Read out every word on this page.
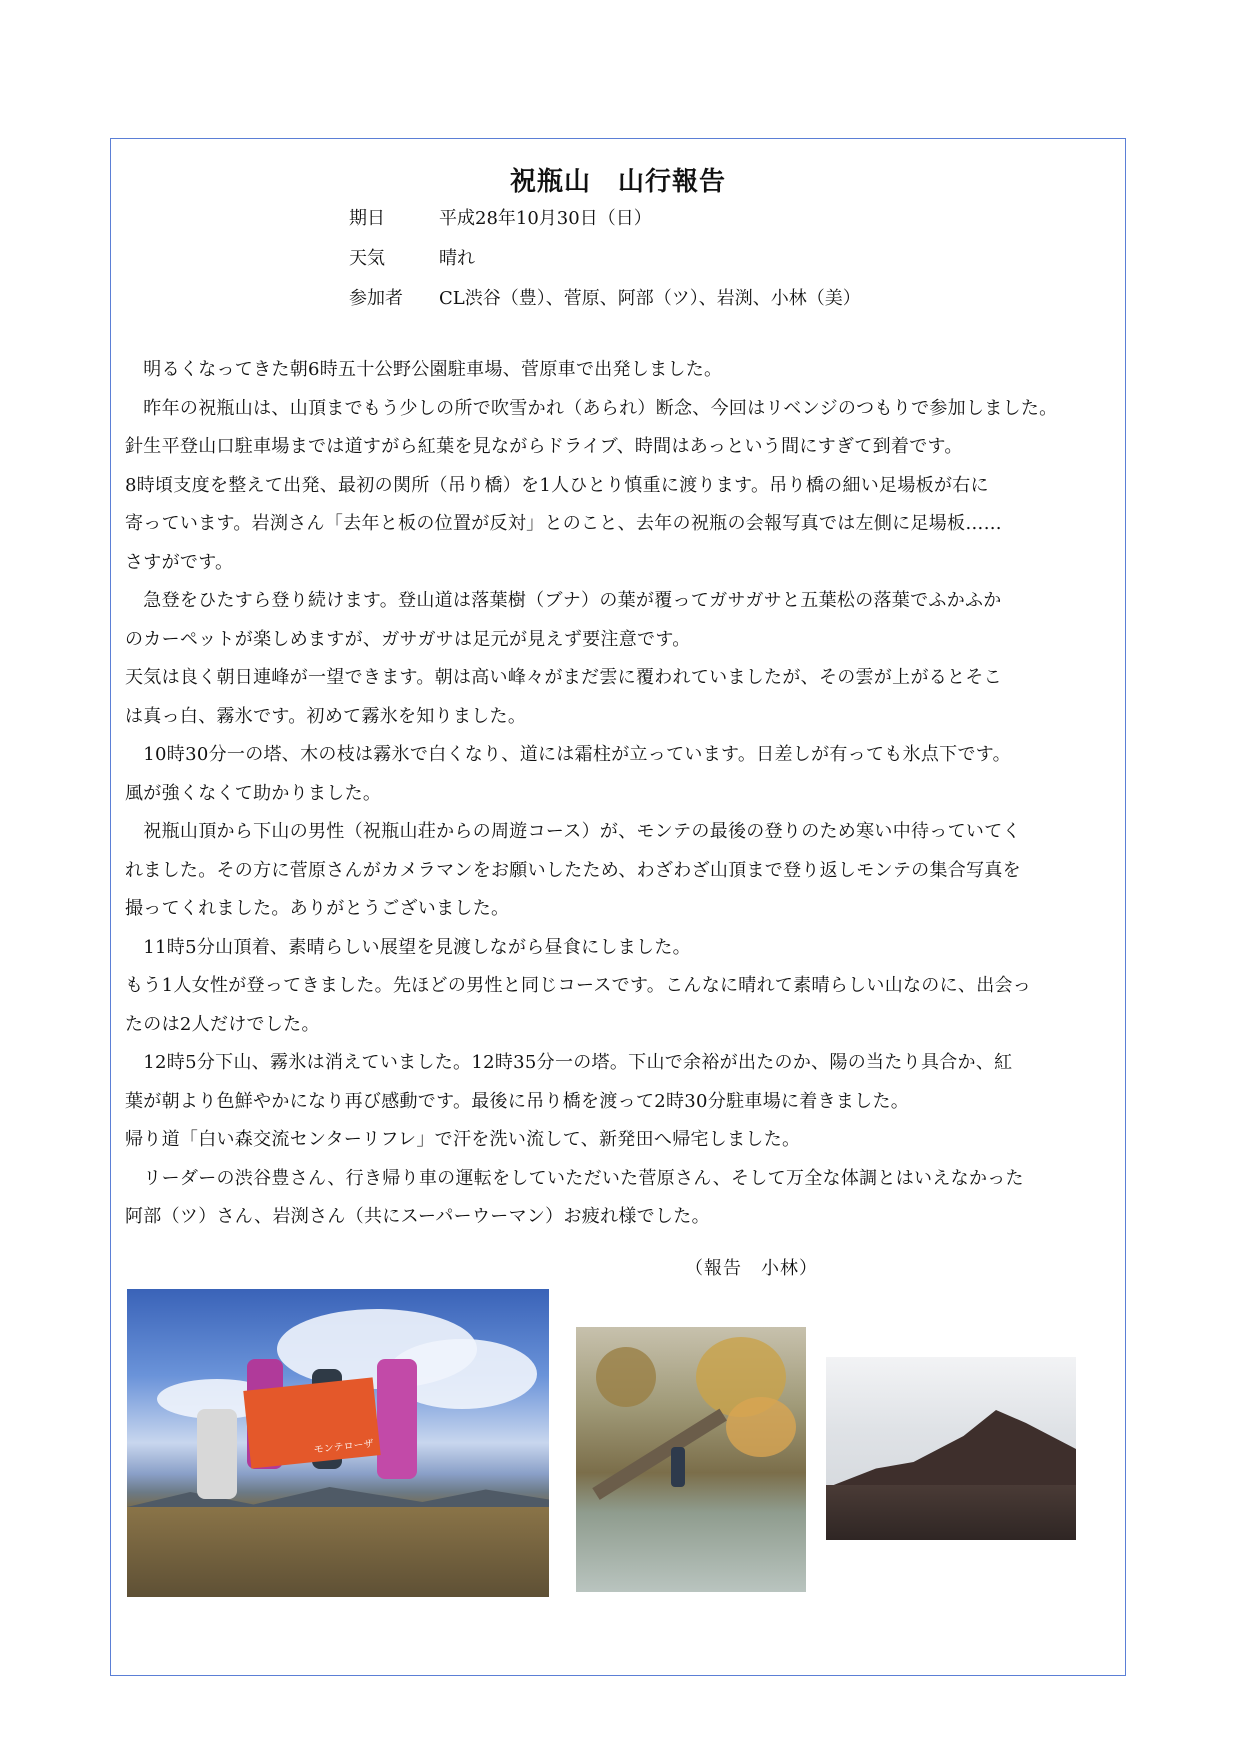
祝瓶山　山行報告
期日	平成28年10月30日（日）
天気	晴れ
参加者 CL渋谷（豊）、菅原、阿部（ツ）、岩渕、小林（美）
　明るくなってきた朝6時五十公野公園駐車場、菅原車で出発しました。
　昨年の祝瓶山は、山頂までもう少しの所で吹雪かれ（あられ）断念、今回はリベンジのつもりで参加しました。
針生平登山口駐車場までは道すがら紅葉を見ながらドライブ、時間はあっという間にすぎて到着です。
8時頃支度を整えて出発、最初の関所（吊り橋）を1人ひとり慎重に渡ります。吊り橋の細い足場板が右に
寄っています。岩渕さん「去年と板の位置が反対」とのこと、去年の祝瓶の会報写真では左側に足場板……
さすがです。
　急登をひたすら登り続けます。登山道は落葉樹（ブナ）の葉が覆ってガサガサと五葉松の落葉でふかふか
のカーペットが楽しめますが、ガサガサは足元が見えず要注意です。
天気は良く朝日連峰が一望できます。朝は高い峰々がまだ雲に覆われていましたが、その雲が上がるとそこ
は真っ白、霧氷です。初めて霧氷を知りました。
　10時30分一の塔、木の枝は霧氷で白くなり、道には霜柱が立っています。日差しが有っても氷点下です。
風が強くなくて助かりました。
　祝瓶山頂から下山の男性（祝瓶山荘からの周遊コース）が、モンテの最後の登りのため寒い中待っていてく
れました。その方に菅原さんがカメラマンをお願いしたため、わざわざ山頂まで登り返しモンテの集合写真を
撮ってくれました。ありがとうございました。
　11時5分山頂着、素晴らしい展望を見渡しながら昼食にしました。
もう1人女性が登ってきました。先ほどの男性と同じコースです。こんなに晴れて素晴らしい山なのに、出会っ
たのは2人だけでした。
　12時5分下山、霧氷は消えていました。12時35分一の塔。下山で余裕が出たのか、陽の当たり具合か、紅
葉が朝より色鮮やかになり再び感動です。最後に吊り橋を渡って2時30分駐車場に着きました。
帰り道「白い森交流センターリフレ」で汗を洗い流して、新発田へ帰宅しました。
　リーダーの渋谷豊さん、行き帰り車の運転をしていただいた菅原さん、そして万全な体調とはいえなかった
阿部（ツ）さん、岩渕さん（共にスーパーウーマン）お疲れ様でした。
（報告　小林）
モンテローザ
